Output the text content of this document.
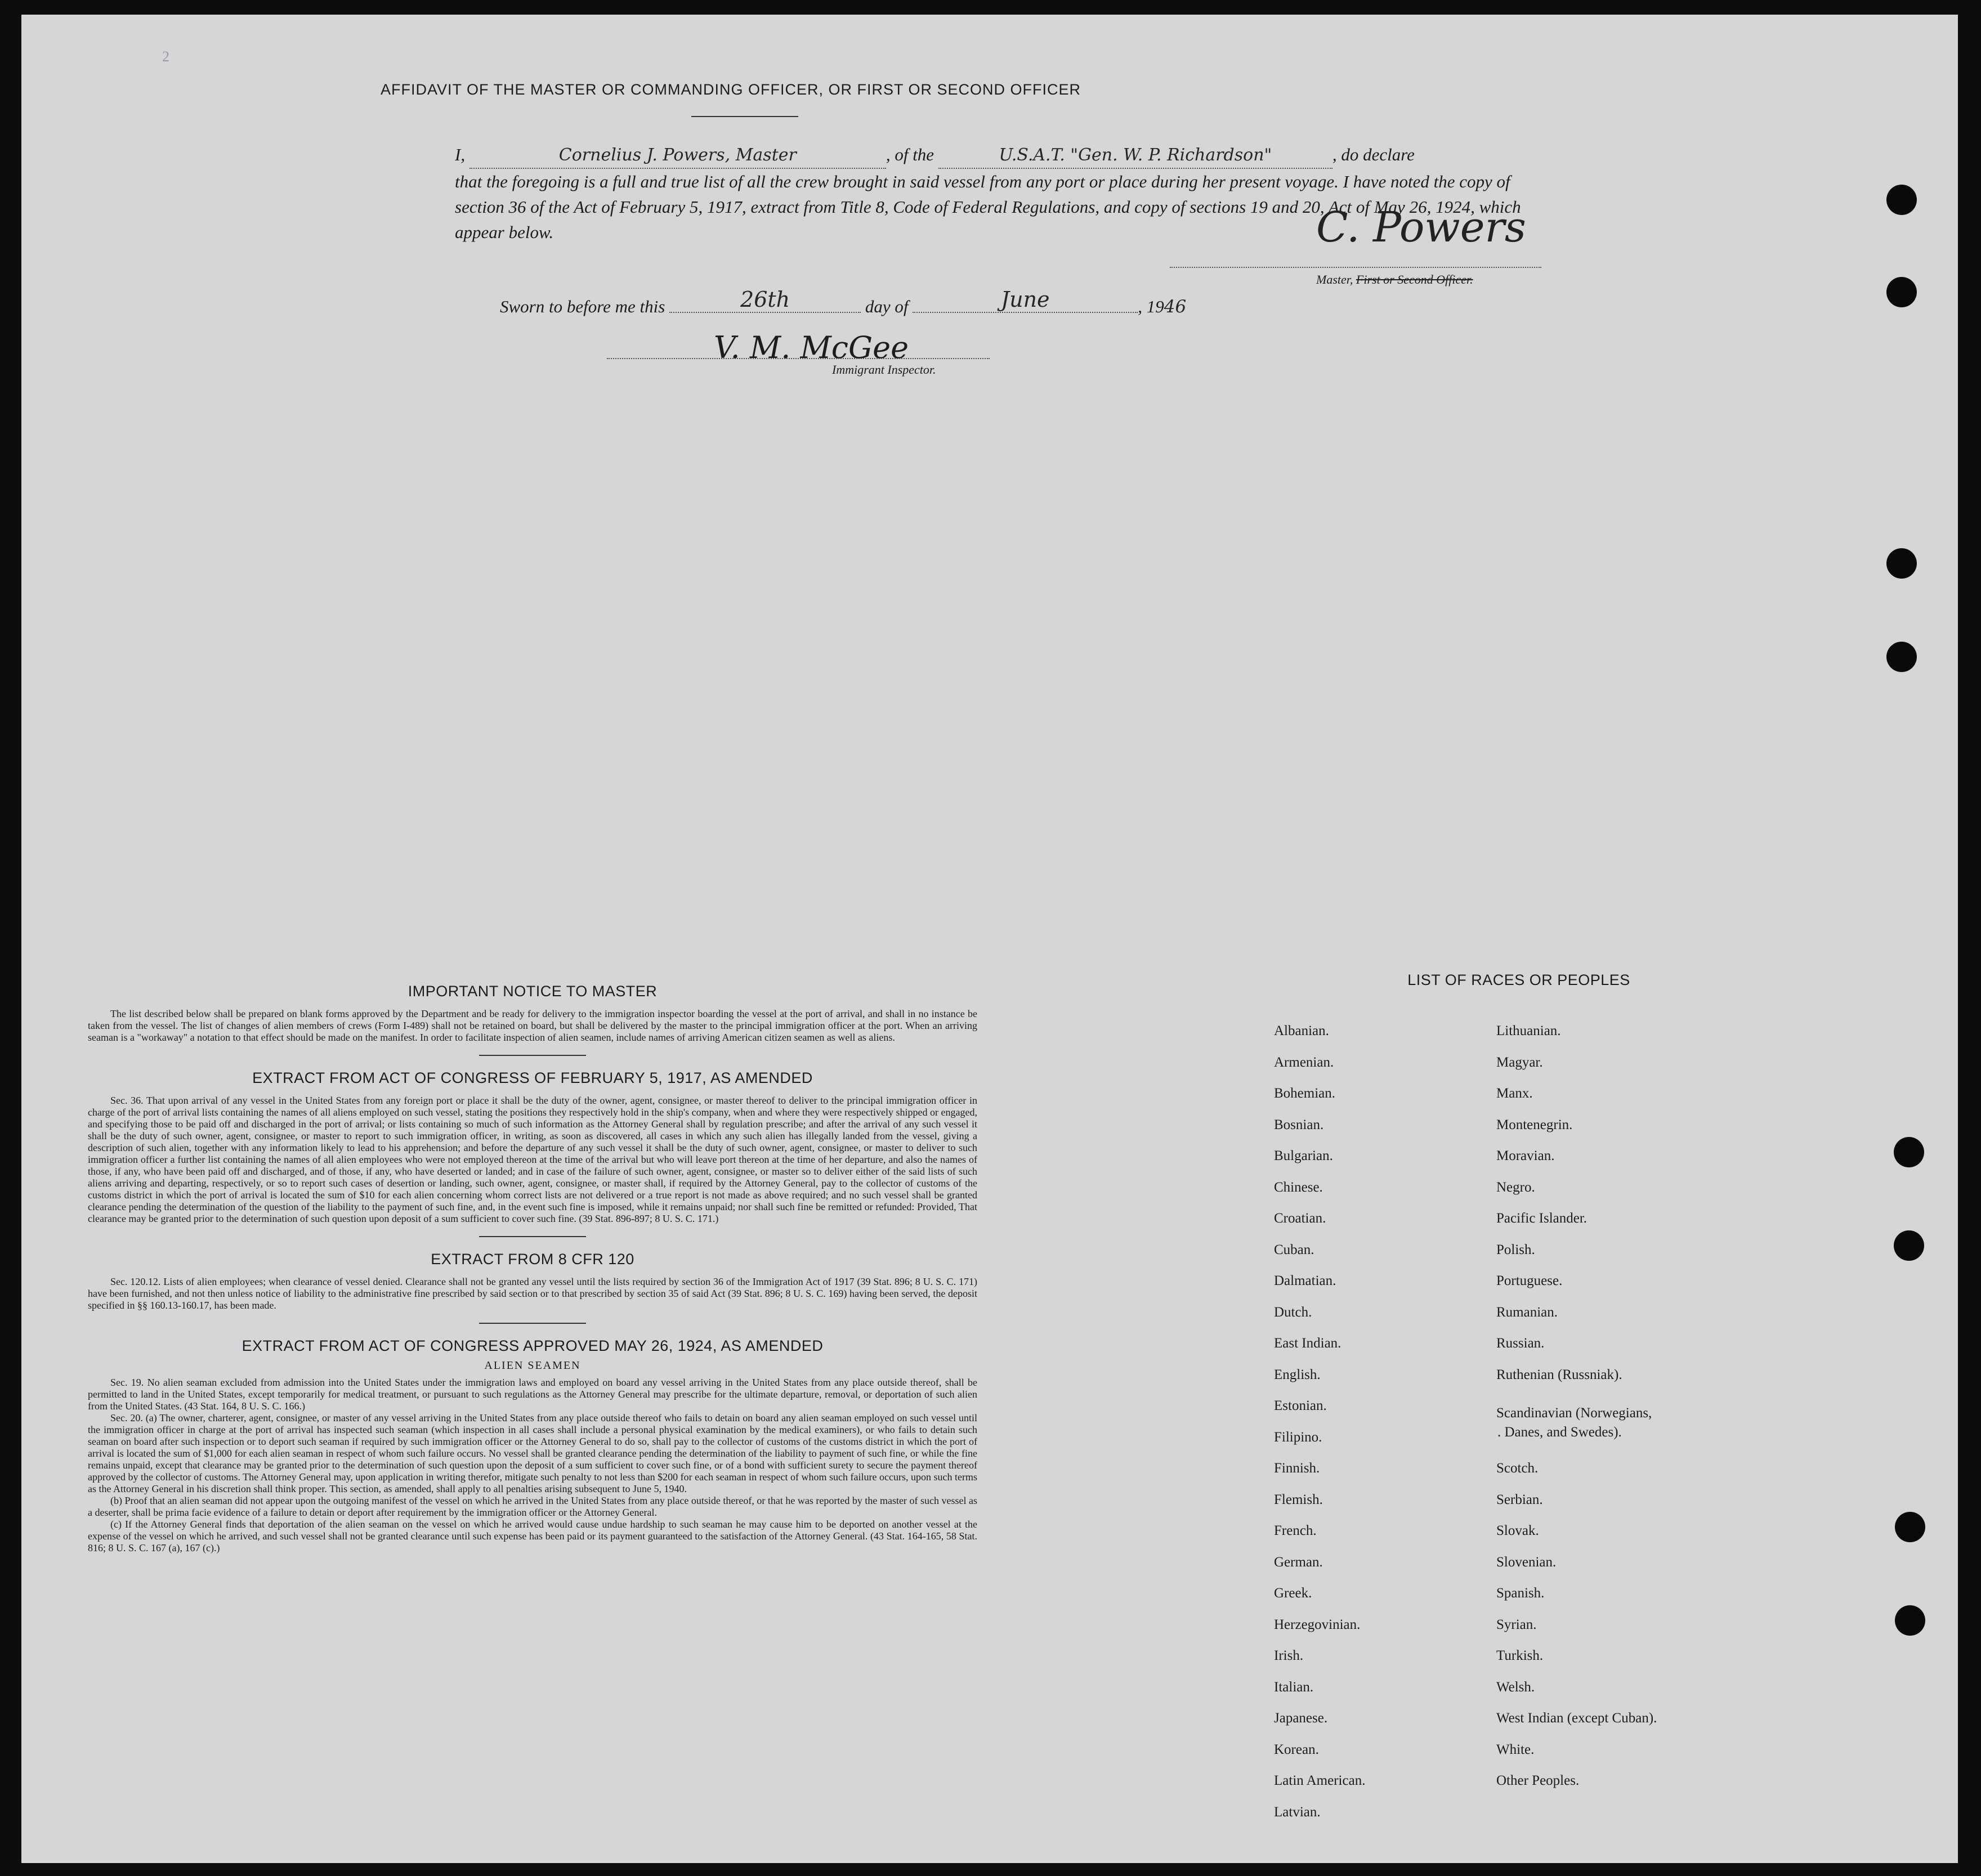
2
AFFIDAVIT OF THE MASTER OR COMMANDING OFFICER, OR FIRST OR SECOND OFFICER
I,	Cornelius J. Powers, Master	, of the	U.S.A.T. "Gen. W. P. Richardson"	, do declare
that the foregoing is a full and true list of all the crew brought in said vessel from any port or place during her present voyage. I have noted the copy of section 36 of the Act of February 5, 1917, extract from Title 8, Code of Federal Regulations, and copy of sections 19 and 20, Act of May 26, 1924, which appear below.	C. Powers
Master, First or Second Officer.
Sworn to before me this	26th	day of	June	, 1946
V. M. McGee
Immigrant Inspector.
IMPORTANT NOTICE TO MASTER

The list described below shall be prepared on blank forms approved by the Department and be ready for delivery to the immigration inspector boarding the vessel at the port of arrival, and shall in no instance be taken from the vessel. The list of changes of alien members of crews (Form I-489) shall not be retained on board, but shall be delivered by the master to the principal immigration officer at the port. When an arriving seaman is a "workaway" a notation to that effect should be made on the manifest. In order to facilitate inspection of alien seamen, include names of arriving American citizen seamen as well as aliens.

EXTRACT FROM ACT OF CONGRESS OF FEBRUARY 5, 1917, AS AMENDED

Sec. 36. That upon arrival of any vessel in the United States from any foreign port or place it shall be the duty of the owner, agent, consignee, or master thereof to deliver to the principal immigration officer in charge of the port of arrival lists containing the names of all aliens employed on such vessel, stating the positions they respectively hold in the ship's company, when and where they were respectively shipped or engaged, and specifying those to be paid off and discharged in the port of arrival; or lists containing so much of such information as the Attorney General shall by regulation prescribe; and after the arrival of any such vessel it shall be the duty of such owner, agent, consignee, or master to report to such immigration officer, in writing, as soon as discovered, all cases in which any such alien has illegally landed from the vessel, giving a description of such alien, together with any information likely to lead to his apprehension; and before the departure of any such vessel it shall be the duty of such owner, agent, consignee, or master to deliver to such immigration officer a further list containing the names of all alien employees who were not employed thereon at the time of the arrival but who will leave port thereon at the time of her departure, and also the names of those, if any, who have been paid off and discharged, and of those, if any, who have deserted or landed; and in case of the failure of such owner, agent, consignee, or master so to deliver either of the said lists of such aliens arriving and departing, respectively, or so to report such cases of desertion or landing, such owner, agent, consignee, or master shall, if required by the Attorney General, pay to the collector of customs of the customs district in which the port of arrival is located the sum of $10 for each alien concerning whom correct lists are not delivered or a true report is not made as above required; and no such vessel shall be granted clearance pending the determination of the question of the liability to the payment of such fine, and, in the event such fine is imposed, while it remains unpaid; nor shall such fine be remitted or refunded: Provided, That clearance may be granted prior to the determination of such question upon deposit of a sum sufficient to cover such fine. (39 Stat. 896-897; 8 U. S. C. 171.)

EXTRACT FROM 8 CFR 120

Sec. 120.12. Lists of alien employees; when clearance of vessel denied. Clearance shall not be granted any vessel until the lists required by section 36 of the Immigration Act of 1917 (39 Stat. 896; 8 U. S. C. 171) have been furnished, and not then unless notice of liability to the administrative fine prescribed by said section or to that prescribed by section 35 of said Act (39 Stat. 896; 8 U. S. C. 169) having been served, the deposit specified in §§ 160.13-160.17, has been made.

EXTRACT FROM ACT OF CONGRESS APPROVED MAY 26, 1924, AS AMENDED
ALIEN SEAMEN

Sec. 19. No alien seaman excluded from admission into the United States under the immigration laws and employed on board any vessel arriving in the United States from any place outside thereof, shall be permitted to land in the United States, except temporarily for medical treatment, or pursuant to such regulations as the Attorney General may prescribe for the ultimate departure, removal, or deportation of such alien from the United States. (43 Stat. 164, 8 U. S. C. 166.)

Sec. 20. (a) The owner, charterer, agent, consignee, or master of any vessel arriving in the United States from any place outside thereof who fails to detain on board any alien seaman employed on such vessel until the immigration officer in charge at the port of arrival has inspected such seaman (which inspection in all cases shall include a personal physical examination by the medical examiners), or who fails to detain such seaman on board after such inspection or to deport such seaman if required by such immigration officer or the Attorney General to do so, shall pay to the collector of customs of the customs district in which the port of arrival is located the sum of $1,000 for each alien seaman in respect of whom such failure occurs. No vessel shall be granted clearance pending the determination of the liability to payment of such fine, or while the fine remains unpaid, except that clearance may be granted prior to the determination of such question upon the deposit of a sum sufficient to cover such fine, or of a bond with sufficient surety to secure the payment thereof approved by the collector of customs. The Attorney General may, upon application in writing therefor, mitigate such penalty to not less than $200 for each seaman in respect of whom such failure occurs, upon such terms as the Attorney General in his discretion shall think proper. This section, as amended, shall apply to all penalties arising subsequent to June 5, 1940.

(b) Proof that an alien seaman did not appear upon the outgoing manifest of the vessel on which he arrived in the United States from any place outside thereof, or that he was reported by the master of such vessel as a deserter, shall be prima facie evidence of a failure to detain or deport after requirement by the immigration officer or the Attorney General.

(c) If the Attorney General finds that deportation of the alien seaman on the vessel on which he arrived would cause undue hardship to such seaman he may cause him to be deported on another vessel at the expense of the vessel on which he arrived, and such vessel shall not be granted clearance until such expense has been paid or its payment guaranteed to the satisfaction of the Attorney General. (43 Stat. 164-165, 58 Stat. 816; 8 U. S. C. 167 (a), 167 (c).)

LIST OF RACES OR PEOPLES
Albanian.
Armenian.
Bohemian.
Bosnian.
Bulgarian.
Chinese.
Croatian.
Cuban.
Dalmatian.
Dutch.
East Indian.
English.
Estonian.
Filipino.
Finnish.
Flemish.
French.
German.
Greek.
Herzegovinian.
Irish.
Italian.
Japanese.
Korean.
Latin American.
Latvian.
Lithuanian.
Magyar.
Manx.
Montenegrin.
Moravian.
Negro.
Pacific Islander.
Polish.
Portuguese.
Rumanian.
Russian.
Ruthenian (Russniak).
Scandinavian (Norwegians,
. Danes, and Swedes).
Scotch.
Serbian.
Slovak.
Slovenian.
Spanish.
Syrian.
Turkish.
Welsh.
West Indian (except Cuban).
White.
Other Peoples.
